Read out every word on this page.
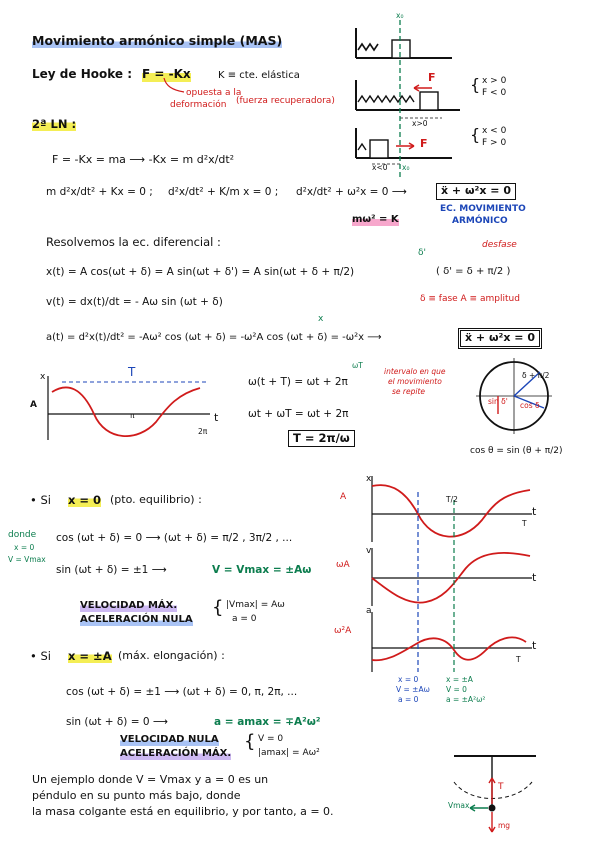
Movimiento armónico simple (MAS)
Ley de Hooke : F = -Kx	K ≡ cte. elástica
opuesta a la
deformación (fuerza recuperadora)
x₀
F
x>0
F
x<0 x₀
{ x > 0
F < 0
{ x < 0
F > 0
2ª LN :
F = -Kx = ma ⟶ -Kx = m d²x/dt²
m d²x/dt² + Kx = 0 ; d²x/dt² + K/m x = 0 ; d²x/dt² + ω²x = 0 ⟶	ẍ + ω²x = 0
mω² = K
EC. MOVIMIENTO
ARMÓNICO
Resolvemos la ec. diferencial :	desfase
δ'
x(t) = A cos(ωt + δ) = A sin(ωt + δ') = A sin(ωt + δ + π/2)	( δ' = δ + π/2 )
v(t) = dx(t)/dt = - Aω sin (ωt + δ)	δ ≡ fase A ≡ amplitud
x
a(t) = d²x(t)/dt² = -Aω² cos (ωt + δ) = -ω²A cos (ωt + δ) = -ω²x ⟶	ẍ + ω²x = 0
x
A
T
π
2π
t
ω(t + T) = ωt + 2π
ωT
intervalo en que
el movimiento
se repite
ωt + ωT = ωt + 2π
T = 2π/ω
δ + π/2
sin δ' cos δ
cos θ = sin (θ + π/2)
• Si x = 0 (pto. equilibrio) :
donde
x = 0
V = Vmax
cos (ωt + δ) = 0 ⟶ (ωt + δ) = π/2 , 3π/2 , ...
sin (ωt + δ) = ±1 ⟶	V = Vmax = ±Aω
VELOCIDAD MÁX.
ACELERACIÓN NULA
{ |Vmax| = Aω
a = 0
• Si x = ±A (máx. elongación) :
cos (ωt + δ) = ±1 ⟶ (ωt + δ) = 0, π, 2π, ...
sin (ωt + δ) = 0 ⟶	a = amax = ∓A²ω²
VELOCIDAD NULA
ACELERACIÓN MÁX.
{ V = 0
|amax| = Aω²
x
A	T/2
t
T
v
ωA
t
a
ω²A
t
T
x = 0
V = ±Aω
a = 0
x = ±A
V = 0
a = ±A²ω²
T
Vmax
mg
Un ejemplo donde V = Vmax y a = 0 es un
péndulo en su punto más bajo, donde
la masa colgante está en equilibrio, y por tanto, a = 0.
